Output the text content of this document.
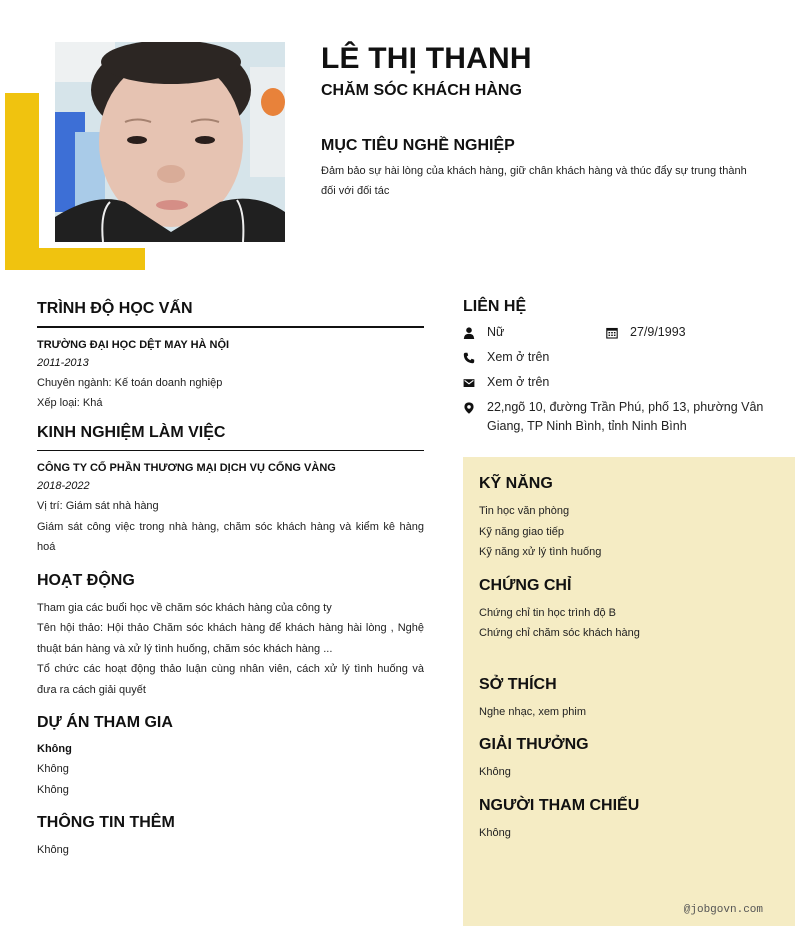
LÊ THỊ THANH
CHĂM SÓC KHÁCH HÀNG
MỤC TIÊU NGHỀ NGHIỆP
Đảm bảo sự hài lòng của khách hàng, giữ chân khách hàng và thúc đẩy sự trung thành đối với đối tác
TRÌNH ĐỘ HỌC VẤN
TRƯỜNG ĐẠI HỌC DỆT MAY HÀ NỘI
2011-2013
Chuyên ngành: Kế toán doanh nghiệp
Xếp loại: Khá
KINH NGHIỆM LÀM VIỆC
CÔNG TY CỐ PHẦN THƯƠNG MẠI DỊCH VỤ CỐNG VÀNG
2018-2022
Vị trí: Giám sát nhà hàng
Giám sát công việc trong nhà hàng, chăm sóc khách hàng và kiểm kê hàng hoá
HOẠT ĐỘNG
Tham gia các buổi học về chăm sóc khách hàng của công ty
Tên hội thảo: Hội thảo Chăm sóc khách hàng để khách hàng hài lòng , Nghệ thuật bán hàng và xử lý tình huống, chăm sóc khách hàng ...
Tổ chức các hoạt động thảo luận cùng nhân viên, cách xử lý tình huống và đưa ra cách giải quyết
DỰ ÁN THAM GIA
Không
Không
Không
THÔNG TIN THÊM
Không
LIÊN HỆ
Nữ	27/9/1993
Xem ở trên
Xem ở trên
22,ngõ 10, đường Trần Phú, phố 13, phường Vân Giang, TP Ninh Bình, tỉnh Ninh Bình
KỸ NĂNG
Tin học văn phòng
Kỹ năng giao tiếp
Kỹ năng xử lý tình huống
CHỨNG CHỈ
Chứng chỉ tin học trình độ B
Chứng chỉ chăm sóc khách hàng
SỞ THÍCH
Nghe nhạc, xem phim
GIẢI THƯỞNG
Không
NGƯỜI THAM CHIẾU
Không
@jobgovn.com
